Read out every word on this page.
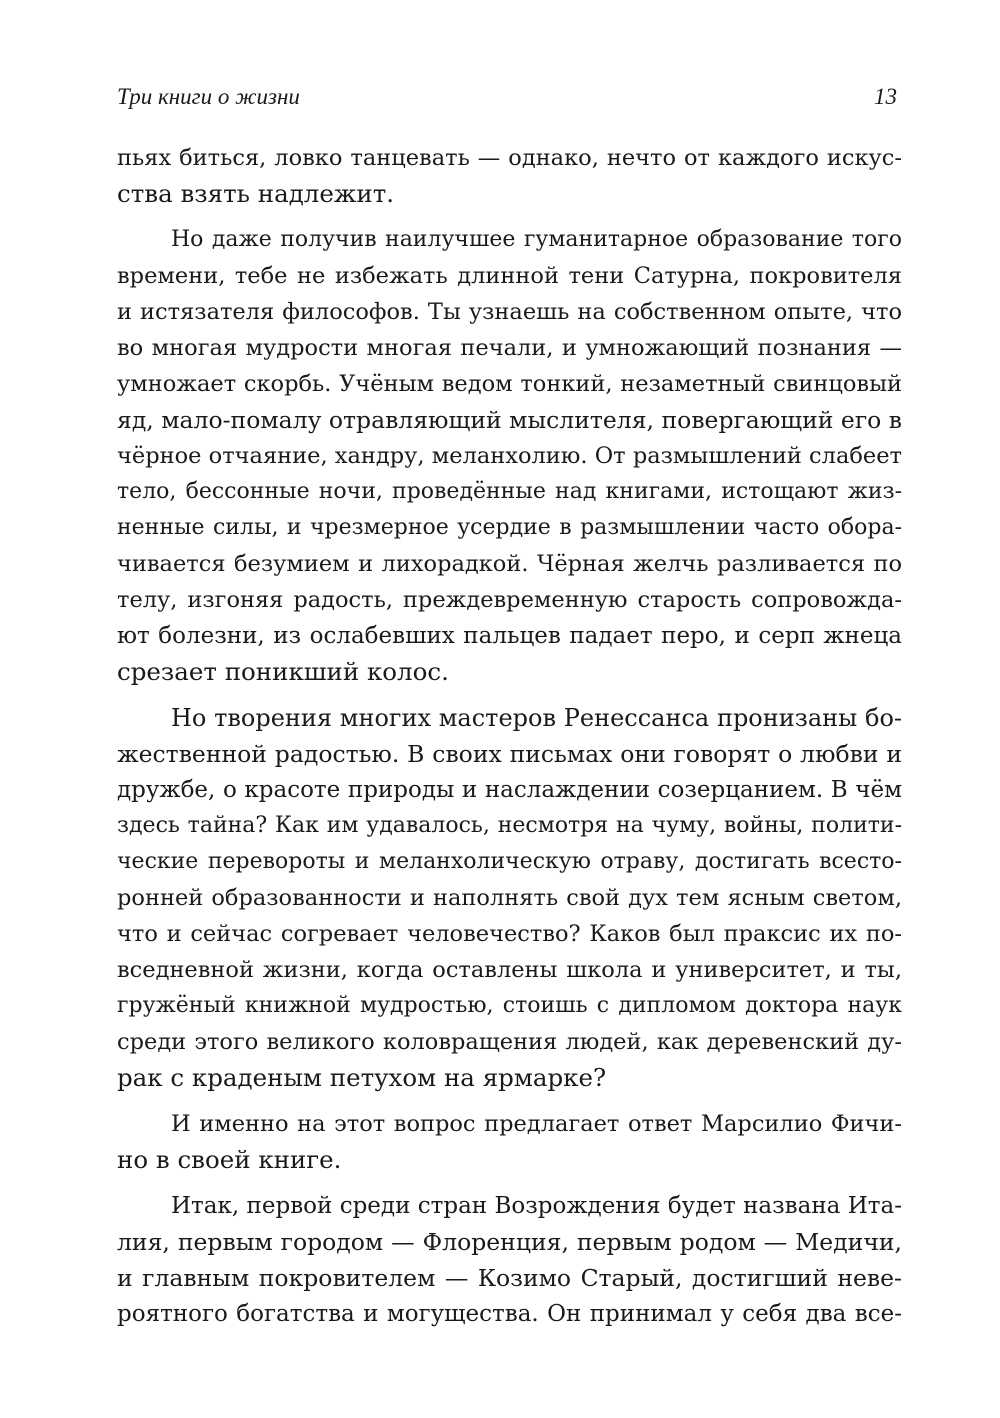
Три книги о жизни	13
пьях биться, ловко танцевать — однако, нечто от каждого искус-
ства взять надлежит.
Но даже получив наилучшее гуманитарное образование того
времени, тебе не избежать длинной тени Сатурна, покровителя
и истязателя философов. Ты узнаешь на собственном опыте, что
во многая мудрости многая печали, и умножающий познания —
умножает скорбь. Учёным ведом тонкий, незаметный свинцовый
яд, мало-помалу отравляющий мыслителя, повергающий его в
чёрное отчаяние, хандру, меланхолию. От размышлений слабеет
тело, бессонные ночи, проведённые над книгами, истощают жиз-
ненные силы, и чрезмерное усердие в размышлении часто обора-
чивается безумием и лихорадкой. Чёрная желчь разливается по
телу, изгоняя радость, преждевременную старость сопровожда-
ют болезни, из ослабевших пальцев падает перо, и серп жнеца
срезает поникший колос.
Но творения многих мастеров Ренессанса пронизаны бо-
жественной радостью. В своих письмах они говорят о любви и
дружбе, о красоте природы и наслаждении созерцанием. В чём
здесь тайна? Как им удавалось, несмотря на чуму, войны, полити-
ческие перевороты и меланхолическую отраву, достигать всесто-
ронней образованности и наполнять свой дух тем ясным светом,
что и сейчас согревает человечество? Каков был праксис их по-
вседневной жизни, когда оставлены школа и университет, и ты,
гружёный книжной мудростью, стоишь с дипломом доктора наук
среди этого великого коловращения людей, как деревенский ду-
рак с краденым петухом на ярмарке?
И именно на этот вопрос предлагает ответ Марсилио Фичи-
но в своей книге.
Итак, первой среди стран Возрождения будет названа Ита-
лия, первым городом — Флоренция, первым родом — Медичи,
и главным покровителем — Козимо Старый, достигший неве-
роятного богатства и могущества. Он принимал у себя два все-
